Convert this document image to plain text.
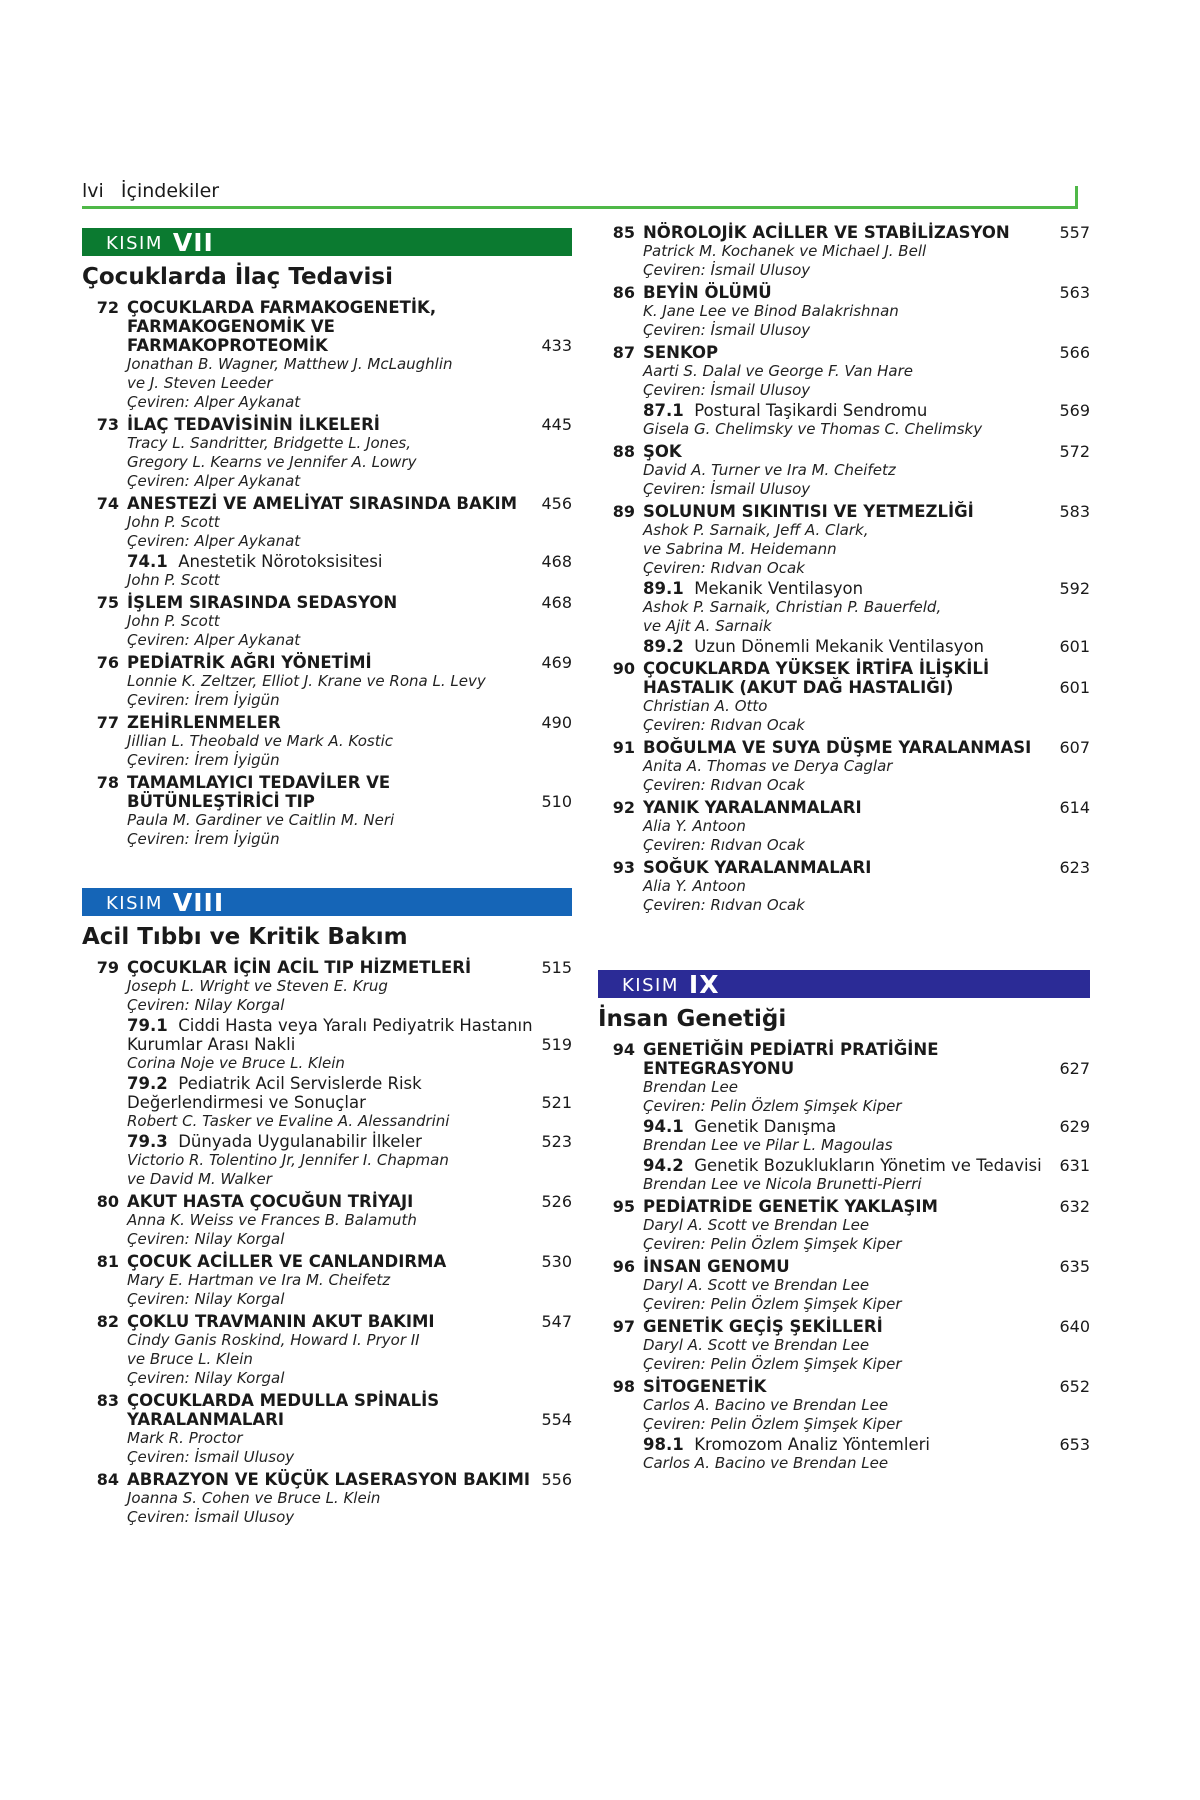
lvi İçindekiler
KISIM VII
Çocuklarda İlaç Tedavisi
72 ÇOCUKLARDA FARMAKOGENETİK, FARMAKOGENOMİK VE FARMAKOPROTEOMİK	433
Jonathan B. Wagner, Matthew J. McLaughlin
ve J. Steven Leeder
Çeviren: Alper Aykanat
73 İLAÇ TEDAVİSİNİN İLKELERİ	445
Tracy L. Sandritter, Bridgette L. Jones,
Gregory L. Kearns ve Jennifer A. Lowry
Çeviren: Alper Aykanat
74 ANESTEZİ VE AMELİYAT SIRASINDA BAKIM	456
John P. Scott
Çeviren: Alper Aykanat
74.1 Anestetik Nörotoksisitesi	468
John P. Scott
75 İŞLEM SIRASINDA SEDASYON	468
John P. Scott
Çeviren: Alper Aykanat
76 PEDİATRİK AĞRI YÖNETİMİ	469
Lonnie K. Zeltzer, Elliot J. Krane ve Rona L. Levy
Çeviren: İrem İyigün
77 ZEHİRLENMELER	490
Jillian L. Theobald ve Mark A. Kostic
Çeviren: İrem İyigün
78 TAMAMLAYICI TEDAVİLER VE BÜTÜNLEŞTİRİCİ TIP	510
Paula M. Gardiner ve Caitlin M. Neri
Çeviren: İrem İyigün
KISIM VIII
Acil Tıbbı ve Kritik Bakım
79 ÇOCUKLAR İÇİN ACİL TIP HİZMETLERİ	515
Joseph L. Wright ve Steven E. Krug
Çeviren: Nilay Korgal
79.1 Ciddi Hasta veya Yaralı Pediyatrik Hastanın Kurumlar Arası Nakli	519
Corina Noje ve Bruce L. Klein
79.2 Pediatrik Acil Servislerde Risk Değerlendirmesi ve Sonuçlar	521
Robert C. Tasker ve Evaline A. Alessandrini
79.3 Dünyada Uygulanabilir İlkeler	523
Victorio R. Tolentino Jr, Jennifer I. Chapman
ve David M. Walker
80 AKUT HASTA ÇOCUĞUN TRİYAJI	526
Anna K. Weiss ve Frances B. Balamuth
Çeviren: Nilay Korgal
81 ÇOCUK ACİLLER VE CANLANDIRMA	530
Mary E. Hartman ve Ira M. Cheifetz
Çeviren: Nilay Korgal
82 ÇOKLU TRAVMANIN AKUT BAKIMI	547
Cindy Ganis Roskind, Howard I. Pryor II
ve Bruce L. Klein
Çeviren: Nilay Korgal
83 ÇOCUKLARDA MEDULLA SPİNALİS YARALANMALARI	554
Mark R. Proctor
Çeviren: İsmail Ulusoy
84 ABRAZYON VE KÜÇÜK LASERASYON BAKIMI 556
Joanna S. Cohen ve Bruce L. Klein
Çeviren: İsmail Ulusoy
85 NÖROLOJİK ACİLLER VE STABİLİZASYON	557
Patrick M. Kochanek ve Michael J. Bell
Çeviren: İsmail Ulusoy
86 BEYİN ÖLÜMÜ	563
K. Jane Lee ve Binod Balakrishnan
Çeviren: İsmail Ulusoy
87 SENKOP	566
Aarti S. Dalal ve George F. Van Hare
Çeviren: İsmail Ulusoy
87.1 Postural Taşikardi Sendromu	569
Gisela G. Chelimsky ve Thomas C. Chelimsky
88 ŞOK	572
David A. Turner ve Ira M. Cheifetz
Çeviren: İsmail Ulusoy
89 SOLUNUM SIKINTISI VE YETMEZLİĞİ	583
Ashok P. Sarnaik, Jeff A. Clark,
ve Sabrina M. Heidemann
Çeviren: Rıdvan Ocak
89.1 Mekanik Ventilasyon	592
Ashok P. Sarnaik, Christian P. Bauerfeld,
ve Ajit A. Sarnaik
89.2 Uzun Dönemli Mekanik Ventilasyon	601
90 ÇOCUKLARDA YÜKSEK İRTİFA İLİŞKİLİ HASTALIK (AKUT DAĞ HASTALIĞI)	601
Christian A. Otto
Çeviren: Rıdvan Ocak
91 BOĞULMA VE SUYA DÜŞME YARALANMASI	607
Anita A. Thomas ve Derya Caglar
Çeviren: Rıdvan Ocak
92 YANIK YARALANMALARI	614
Alia Y. Antoon
Çeviren: Rıdvan Ocak
93 SOĞUK YARALANMALARI	623
Alia Y. Antoon
Çeviren: Rıdvan Ocak
KISIM IX
İnsan Genetiği
94 GENETİĞİN PEDİATRİ PRATİĞİNE ENTEGRASYONU	627
Brendan Lee
Çeviren: Pelin Özlem Şimşek Kiper
94.1 Genetik Danışma	629
Brendan Lee ve Pilar L. Magoulas
94.2 Genetik Bozuklukların Yönetim ve Tedavisi	631
Brendan Lee ve Nicola Brunetti-Pierri
95 PEDİATRİDE GENETİK YAKLAŞIM	632
Daryl A. Scott ve Brendan Lee
Çeviren: Pelin Özlem Şimşek Kiper
96 İNSAN GENOMU	635
Daryl A. Scott ve Brendan Lee
Çeviren: Pelin Özlem Şimşek Kiper
97 GENETİK GEÇİŞ ŞEKİLLERİ	640
Daryl A. Scott ve Brendan Lee
Çeviren: Pelin Özlem Şimşek Kiper
98 SİTOGENETİK	652
Carlos A. Bacino ve Brendan Lee
Çeviren: Pelin Özlem Şimşek Kiper
98.1 Kromozom Analiz Yöntemleri	653
Carlos A. Bacino ve Brendan Lee
